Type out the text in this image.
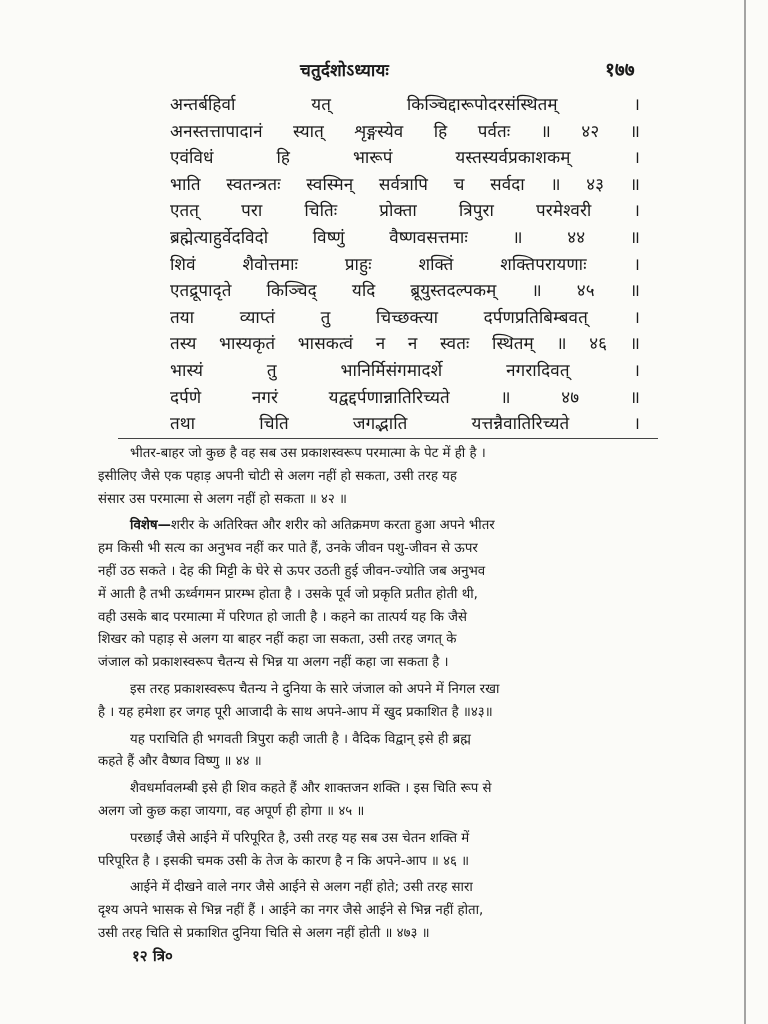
चतुर्दशोऽध्यायः	१७७
अन्तर्बहिर्वा यत् किञ्चिद्दारूपोदरसंस्थितम् ।
अनस्तत्तापादानं स्यात् शृङ्गस्येव हि पर्वतः ॥ ४२ ॥
एवंविधं हि भारूपं यस्तस्यर्वप्रकाशकम् ।
भाति स्वतन्त्रतः स्वस्मिन् सर्वत्रापि च सर्वदा ॥ ४३ ॥
एतत् परा चितिः प्रोक्ता त्रिपुरा परमेश्वरी ।
ब्रह्मेत्याहुर्वेदविदो विष्णुं वैष्णवसत्तमाः ॥ ४४ ॥
शिवं शैवोत्तमाः प्राहुः शक्तिं शक्तिपरायणाः ।
एतद्रूपादृते किञ्चिद् यदि ब्रूयुस्तदल्पकम् ॥ ४५ ॥
तया व्याप्तं तु चिच्छक्त्या दर्पणप्रतिबिम्बवत् ।
तस्य भास्यकृतं भासकत्वं न न स्वतः स्थितम् ॥ ४६ ॥
भास्यं तु भानिर्मिसंगमादर्शे नगरादिवत् ।
दर्पणे नगरं यद्वद्दर्पणान्नातिरिच्यते ॥ ४७ ॥
तथा चिति जगद्भाति यत्तन्नैवातिरिच्यते ।
भीतर-बाहर जो कुछ है वह सब उस प्रकाशस्वरूप परमात्मा के पेट में ही है ।
इसीलिए जैसे एक पहाड़ अपनी चोटी से अलग नहीं हो सकता, उसी तरह यह
संसार उस परमात्मा से अलग नहीं हो सकता ॥ ४२ ॥
विशेष—शरीर के अतिरिक्त और शरीर को अतिक्रमण करता हुआ अपने भीतर
हम किसी भी सत्य का अनुभव नहीं कर पाते हैं, उनके जीवन पशु-जीवन से ऊपर
नहीं उठ सकते । देह की मिट्टी के घेरे से ऊपर उठती हुई जीवन-ज्योति जब अनुभव
में आती है तभी ऊर्ध्वगमन प्रारम्भ होता है । उसके पूर्व जो प्रकृति प्रतीत होती थी,
वही उसके बाद परमात्मा में परिणत हो जाती है । कहने का तात्पर्य यह कि जैसे
शिखर को पहाड़ से अलग या बाहर नहीं कहा जा सकता, उसी तरह जगत् के
जंजाल को प्रकाशस्वरूप चैतन्य से भिन्न या अलग नहीं कहा जा सकता है ।
इस तरह प्रकाशस्वरूप चैतन्य ने दुनिया के सारे जंजाल को अपने में निगल रखा
है । यह हमेशा हर जगह पूरी आजादी के साथ अपने-आप में खुद प्रकाशित है ॥४३॥
यह पराचिति ही भगवती त्रिपुरा कही जाती है । वैदिक विद्वान् इसे ही ब्रह्म
कहते हैं और वैष्णव विष्णु ॥ ४४ ॥
शैवधर्मावलम्बी इसे ही शिव कहते हैं और शाक्तजन शक्ति । इस चिति रूप से
अलग जो कुछ कहा जायगा, वह अपूर्ण ही होगा ॥ ४५ ॥
परछाईं जैसे आईने में परिपूरित है, उसी तरह यह सब उस चेतन शक्ति में
परिपूरित है । इसकी चमक उसी के तेज के कारण है न कि अपने-आप ॥ ४६ ॥
आईने में दीखने वाले नगर जैसे आईने से अलग नहीं होते; उसी तरह सारा
दृश्य अपने भासक से भिन्न नहीं हैं । आईने का नगर जैसे आईने से भिन्न नहीं होता,
उसी तरह चिति से प्रकाशित दुनिया चिति से अलग नहीं होती ॥ ४७३ ॥
१२ त्रि०
